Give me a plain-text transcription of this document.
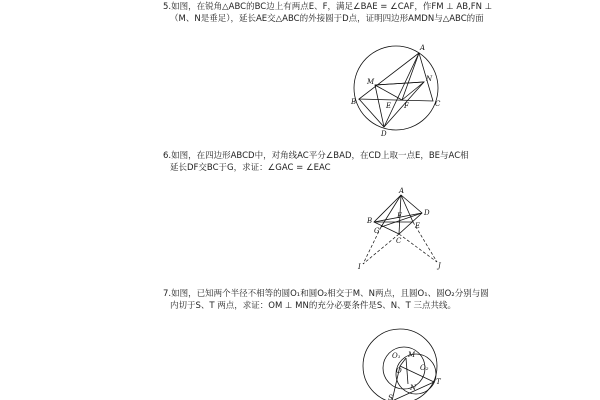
5.如图，在锐角△ABC的BC边上有两点E、F，满足∠BAE = ∠CAF，作FM ⊥ AB,FN ⊥
（M、N是垂足），延长AE交△ABC的外接圆于D点，证明四边形AMDN与△ABC的面
A
M	N
B	E F	C
D
6.如图，在四边形ABCD中，对角线AC平分∠BAD，在CD上取一点E，BE与AC相
延长DF交BC于G，求证：∠GAC = ∠EAC
A
B
D
G
E
F
C
I	J
7.如图，已知两个半径不相等的圆O₁和圆O₂相交于M、N两点，且圆O₁、圆O₂分别与圆
内切于S、T 两点，求证：OM ⊥ MN的充分必要条件是S、N、T 三点共线。
O₁
O
M
N
O₂
S
T
